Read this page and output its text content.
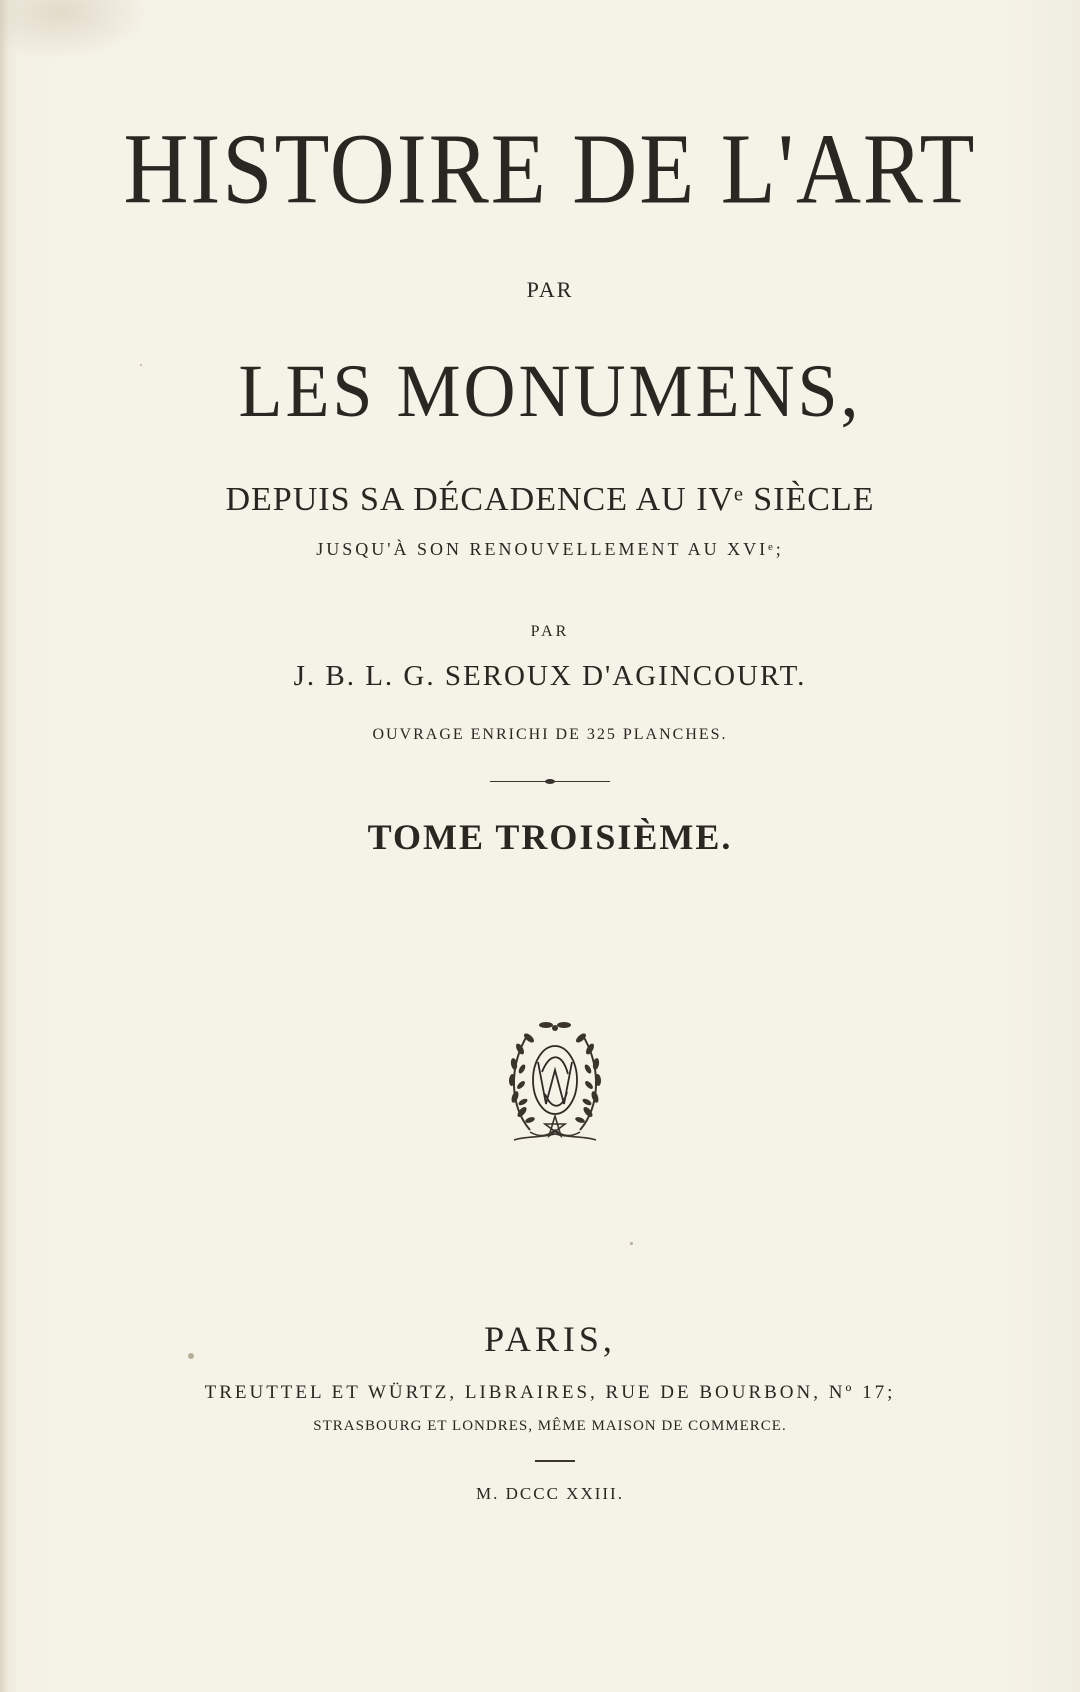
HISTOIRE DE L'ART
PAR
LES MONUMENS,
DEPUIS SA DÉCADENCE AU IVᵉ SIÈCLE
JUSQU'À SON RENOUVELLEMENT AU XVIᵉ;
PAR
J. B. L. G. SEROUX D'AGINCOURT.
OUVRAGE ENRICHI DE 325 PLANCHES.
TOME TROISIÈME.
PARIS,
TREUTTEL ET WÜRTZ, LIBRAIRES, RUE DE BOURBON, Nº 17;
STRASBOURG ET LONDRES, MÊME MAISON DE COMMERCE.
M. DCCC XXIII.
